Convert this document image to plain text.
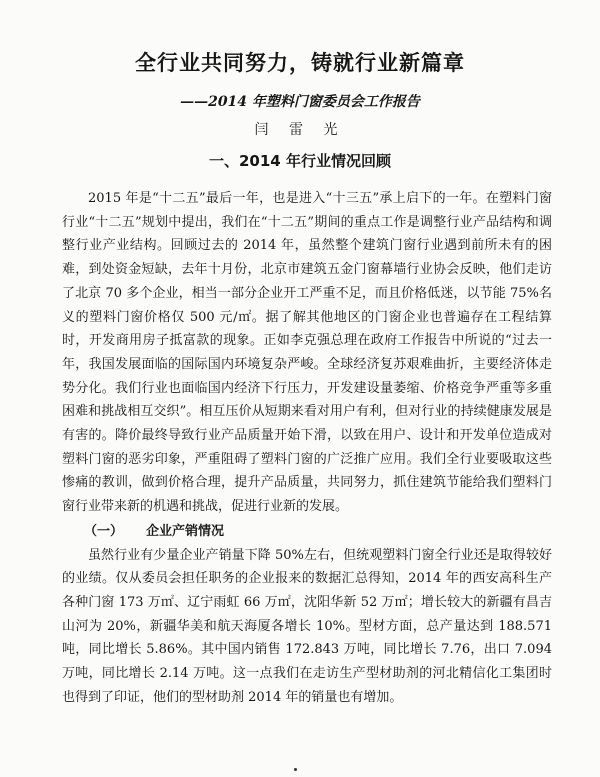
全行业共同努力，铸就行业新篇章
——2014 年塑料门窗委员会工作报告
闫 雷 光
一、2014 年行业情况回顾

2015 年是“十二五”最后一年，也是进入“十三五”承上启下的一年。在塑料门窗行业“十二五”规划中提出，我们在“十二五”期间的重点工作是调整行业产品结构和调整行业产业结构。回顾过去的 2014 年，虽然整个建筑门窗行业遇到前所未有的困难，到处资金短缺，去年十月份，北京市建筑五金门窗幕墙行业协会反映，他们走访了北京 70 多个企业，相当一部分企业开工严重不足，而且价格低迷，以节能 75%名义的塑料门窗价格仅 500 元/㎡。据了解其他地区的门窗企业也普遍存在工程结算时，开发商用房子抵富款的现象。正如李克强总理在政府工作报告中所说的“过去一年，我国发展面临的国际国内环境复杂严峻。全球经济复苏艰难曲折，主要经济体走势分化。我们行业也面临国内经济下行压力，开发建设量萎缩、价格竞争严重等多重困难和挑战相互交织”。相互压价从短期来看对用户有利，但对行业的持续健康发展是有害的。降价最终导致行业产品质量开始下滑，以致在用户、设计和开发单位造成对塑料门窗的恶劣印象，严重阻碍了塑料门窗的广泛推广应用。我们全行业要吸取这些惨痛的教训，做到价格合理，提升产品质量，共同努力，抓住建筑节能给我们塑料门窗行业带来新的机遇和挑战，促进行业新的发展。

（一） 企业产销情况

虽然行业有少量企业产销量下降 50%左右，但统观塑料门窗全行业还是取得较好的业绩。仅从委员会担任职务的企业报来的数据汇总得知，2014 年的西安高科生产各种门窗 173 万㎡、辽宁雨虹 66 万㎡，沈阳华新 52 万㎡；增长较大的新疆有昌吉山河为 20%，新疆华美和航天海厦各增长 10%。型材方面，总产量达到 188.571 吨，同比增长 5.86%。其中国内销售 172.843 万吨，同比增长 7.76，出口 7.094 万吨，同比增长 2.14 万吨。这一点我们在走访生产型材助剂的河北精信化工集团时也得到了印证，他们的型材助剂 2014 年的销量也有增加。
